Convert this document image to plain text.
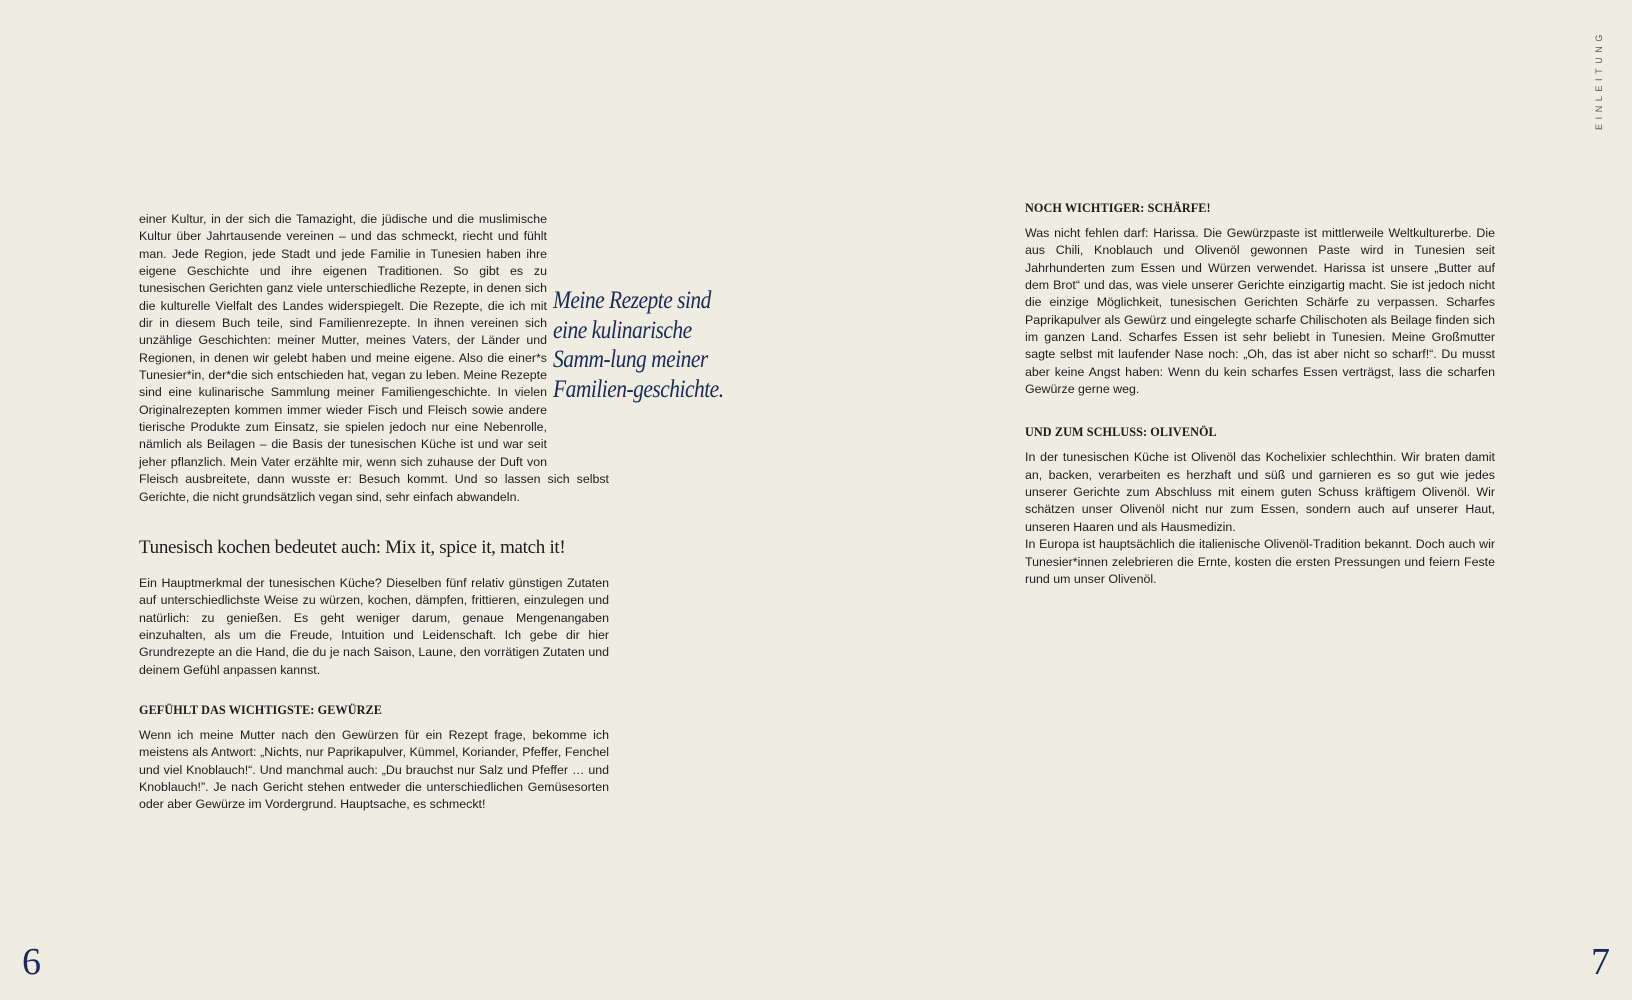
EINLEITUNG

einer Kultur, in der sich die Tamazight, die jüdische und die muslimische Kultur über Jahrtausende vereinen – und das schmeckt, riecht und fühlt man. Jede Region, jede Stadt und jede Familie in Tunesien haben ihre eigene Geschichte und ihre eigenen Traditionen. So gibt es zu tunesischen Gerichten ganz viele unterschiedliche Rezepte, in denen sich die kulturelle Vielfalt des Landes widerspiegelt. Die Rezepte, die ich mit dir in diesem Buch teile, sind Familienrezepte. In ihnen vereinen sich unzählige Geschichten: meiner Mutter, meines Vaters, der Länder und Regionen, in denen wir gelebt haben und meine eigene. Also die einer*s Tunesier*in, der*die sich entschieden hat, vegan zu leben. Meine Rezepte sind eine kulinarische Sammlung meiner Familiengeschichte. In vielen Originalrezepten kommen immer wieder Fisch und Fleisch sowie andere tierische Produkte zum Einsatz, sie spielen jedoch nur eine Nebenrolle, nämlich als Beilagen – die Basis der tunesischen Küche ist und war seit jeher pflanzlich. Mein Vater erzählte mir, wenn sich zuhause der Duft von Fleisch ausbreitete, dann wusste er: Besuch kommt. Und so lassen sich selbst Gerichte, die nicht grundsätzlich vegan sind, sehr einfach abwandeln.

Tunesisch kochen bedeutet auch: Mix it, spice it, match it!

Ein Hauptmerkmal der tunesischen Küche? Dieselben fünf relativ günstigen Zutaten auf unterschiedlichste Weise zu würzen, kochen, dämpfen, frittieren, einzulegen und natürlich: zu genießen. Es geht weniger darum, genaue Mengenangaben einzuhalten, als um die Freude, Intuition und Leidenschaft. Ich gebe dir hier Grundrezepte an die Hand, die du je nach Saison, Laune, den vorrätigen Zutaten und deinem Gefühl anpassen kannst.

GEFÜHLT DAS WICHTIGSTE: GEWÜRZE

Wenn ich meine Mutter nach den Gewürzen für ein Rezept frage, bekomme ich meistens als Antwort: „Nichts, nur Paprikapulver, Kümmel, Koriander, Pfeffer, Fenchel und viel Knoblauch!“. Und manchmal auch: „Du brauchst nur Salz und Pfeffer … und Knoblauch!”. Je nach Gericht stehen entweder die unterschiedlichen Gemüsesorten oder aber Gewürze im Vordergrund. Hauptsache, es schmeckt!

Meine Rezepte sind eine kulinarische Samm-lung meiner Familien-geschichte.

NOCH WICHTIGER: SCHÄRFE!

Was nicht fehlen darf: Harissa. Die Gewürzpaste ist mittlerweile Weltkulturerbe. Die aus Chili, Knoblauch und Olivenöl gewonnen Paste wird in Tunesien seit Jahrhunderten zum Essen und Würzen verwendet. Harissa ist unsere „Butter auf dem Brot“ und das, was viele unserer Gerichte einzigartig macht. Sie ist jedoch nicht die einzige Möglichkeit, tunesischen Gerichten Schärfe zu verpassen. Scharfes Paprikapulver als Gewürz und eingelegte scharfe Chilischoten als Beilage finden sich im ganzen Land. Scharfes Essen ist sehr beliebt in Tunesien. Meine Großmutter sagte selbst mit laufender Nase noch: „Oh, das ist aber nicht so scharf!“. Du musst aber keine Angst haben: Wenn du kein scharfes Essen verträgst, lass die scharfen Gewürze gerne weg.

UND ZUM SCHLUSS: OLIVENÖL

In der tunesischen Küche ist Olivenöl das Kochelixier schlechthin. Wir braten damit an, backen, verarbeiten es herzhaft und süß und garnieren es so gut wie jedes unserer Gerichte zum Abschluss mit einem guten Schuss kräftigem Olivenöl. Wir schätzen unser Olivenöl nicht nur zum Essen, sondern auch auf unserer Haut, unseren Haaren und als Hausmedizin.

In Europa ist hauptsächlich die italienische Olivenöl-Tradition bekannt. Doch auch wir Tunesier*innen zelebrieren die Ernte, kosten die ersten Pressungen und feiern Feste rund um unser Olivenöl.

6	7
